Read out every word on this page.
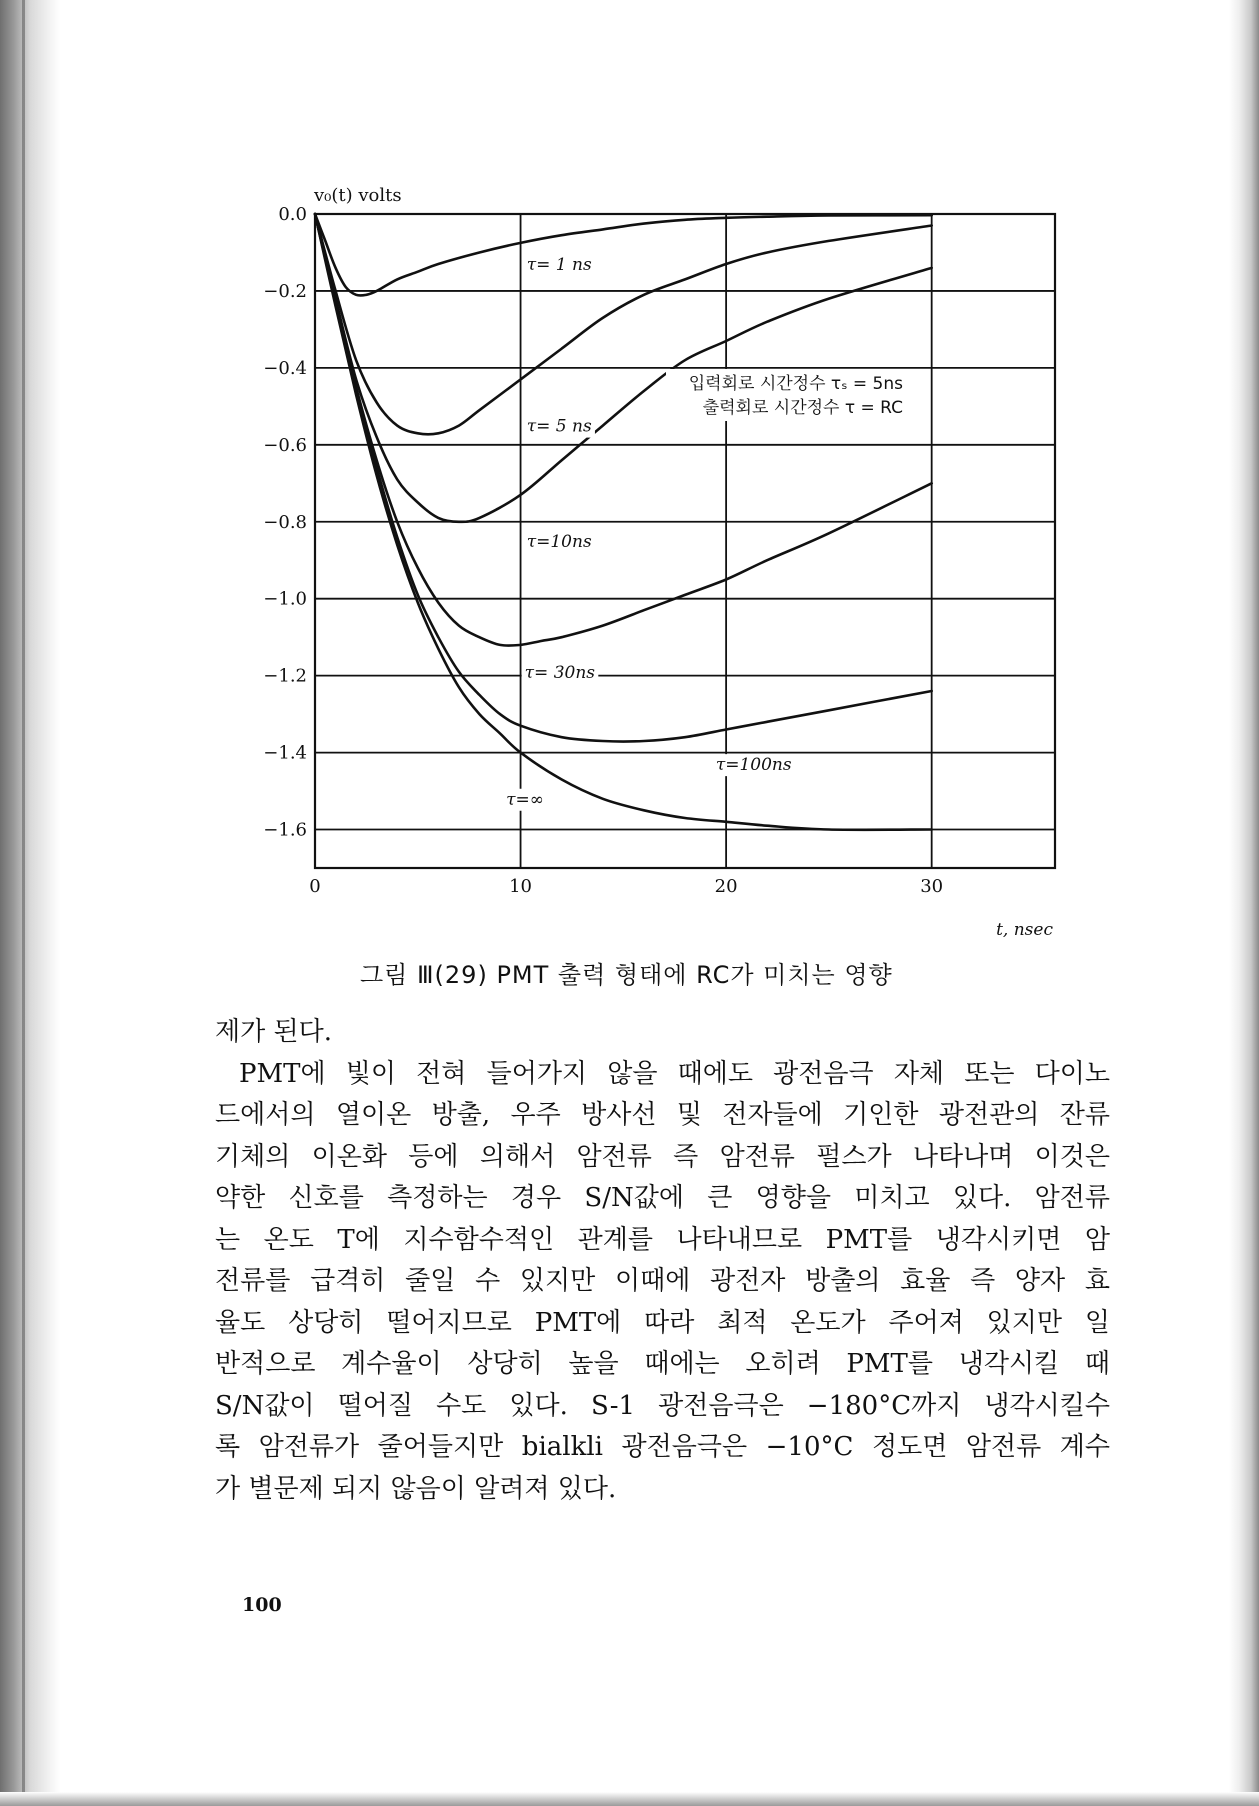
0.0
−0.2
−0.4
−0.6
−0.8
−1.0
−1.2
−1.4
−1.6
0	10	20	30
τ= 1 ns
τ= 5 ns
τ=10ns
τ= 30ns
τ=100ns
τ=∞
v₀(t) volts
t, nsec
입력회로 시간정수 τₛ = 5ns
출력회로 시간정수 τ = RC
그림 Ⅲ(29) PMT 출력 형태에 RC가 미치는 영향
제가 된다.
PMT에 빛이 전혀 들어가지 않을 때에도 광전음극 자체 또는 다이노
드에서의 열이온 방출, 우주 방사선 및 전자들에 기인한 광전관의 잔류
기체의 이온화 등에 의해서 암전류 즉 암전류 펄스가 나타나며 이것은
약한 신호를 측정하는 경우 S/N값에 큰 영향을 미치고 있다. 암전류
는 온도 T에 지수함수적인 관계를 나타내므로 PMT를 냉각시키면 암
전류를 급격히 줄일 수 있지만 이때에 광전자 방출의 효율 즉 양자 효
율도 상당히 떨어지므로 PMT에 따라 최적 온도가 주어져 있지만 일
반적으로 계수율이 상당히 높을 때에는 오히려 PMT를 냉각시킬 때
S/N값이 떨어질 수도 있다. S-1 광전음극은 −180°C까지 냉각시킬수
록 암전류가 줄어들지만 bialkli 광전음극은 −10°C 정도면 암전류 계수
가 별문제 되지 않음이 알려져 있다.
100
